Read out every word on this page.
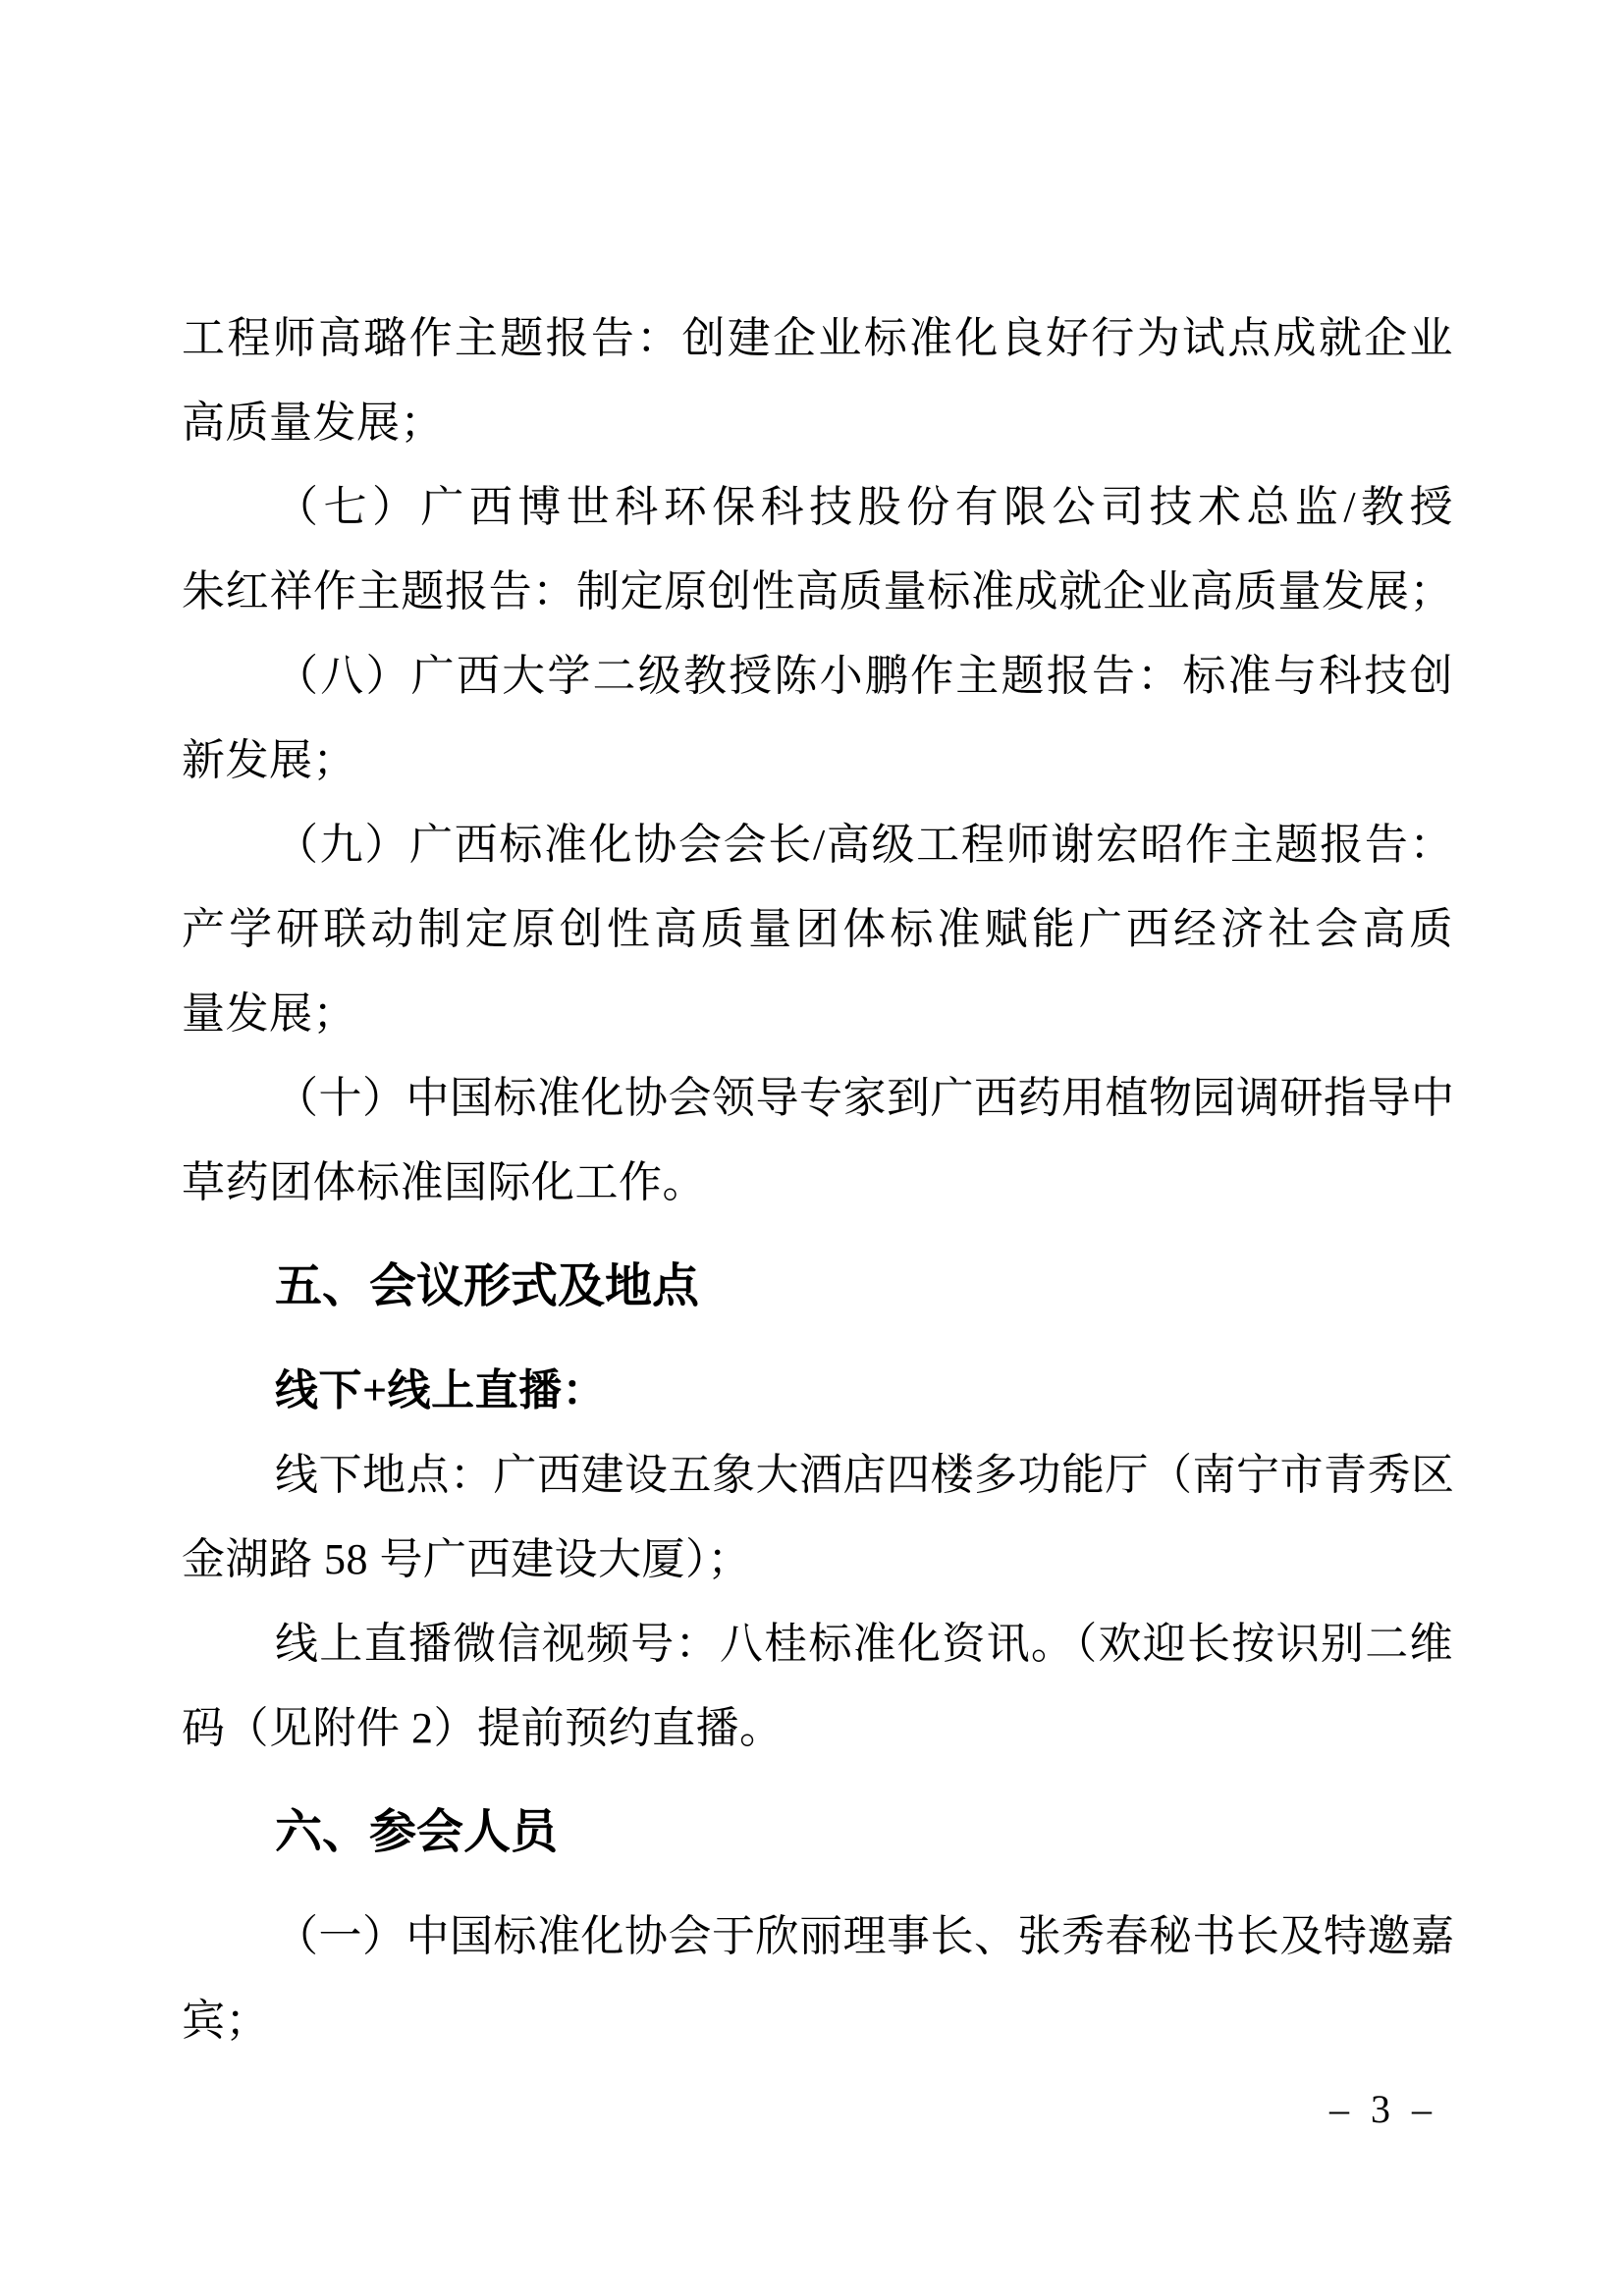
工程师高璐作主题报告：创建企业标准化良好行为试点成就企业
高质量发展；
（七）广西博世科环保科技股份有限公司技术总监/教授
朱红祥作主题报告：制定原创性高质量标准成就企业高质量发展；
（八）广西大学二级教授陈小鹏作主题报告：标准与科技创
新发展；
（九）广西标准化协会会长/高级工程师谢宏昭作主题报告：
产学研联动制定原创性高质量团体标准赋能广西经济社会高质
量发展；
（十）中国标准化协会领导专家到广西药用植物园调研指导中
草药团体标准国际化工作。
五、会议形式及地点
线下+线上直播：
线下地点：广西建设五象大酒店四楼多功能厅（南宁市青秀区
金湖路 58 号广西建设大厦）；
线上直播微信视频号：八桂标准化资讯。（欢迎长按识别二维
码（见附件 2）提前预约直播。
六、参会人员
（一）中国标准化协会于欣丽理事长、张秀春秘书长及特邀嘉
宾；
– 3 –
